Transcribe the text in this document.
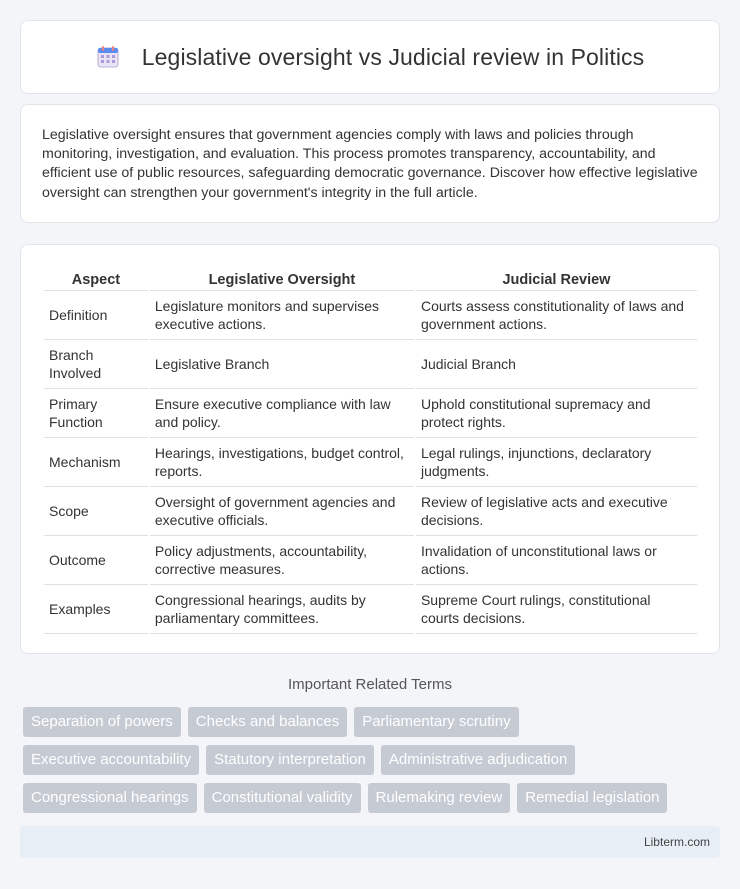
Legislative oversight vs Judicial review in Politics

Legislative oversight ensures that government agencies comply with laws and policies through monitoring, investigation, and evaluation. This process promotes transparency, accountability, and efficient use of public resources, safeguarding democratic governance. Discover how effective legislative oversight can strengthen your government's integrity in the full article.

Aspect	Legislative Oversight	Judicial Review
Definition	Legislature monitors and supervises executive actions.	Courts assess constitutionality of laws and government actions.
Branch Involved	Legislative Branch	Judicial Branch
Primary Function	Ensure executive compliance with law and policy.	Uphold constitutional supremacy and protect rights.
Mechanism	Hearings, investigations, budget control, reports.	Legal rulings, injunctions, declaratory judgments.
Scope	Oversight of government agencies and executive officials.	Review of legislative acts and executive decisions.
Outcome	Policy adjustments, accountability, corrective measures.	Invalidation of unconstitutional laws or actions.
Examples	Congressional hearings, audits by parliamentary committees.	Supreme Court rulings, constitutional courts decisions.
Important Related Terms
Separation of powers	Checks and balances	Parliamentary scrutiny
Executive accountability	Statutory interpretation	Administrative adjudication
Congressional hearings	Constitutional validity	Rulemaking review	Remedial legislation
Libterm.com
